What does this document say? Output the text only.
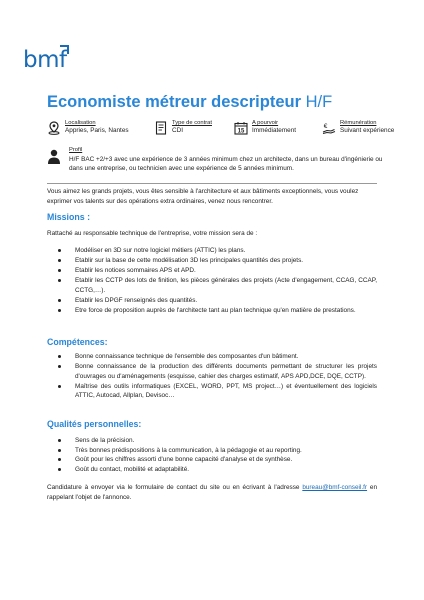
bmf
Economiste métreur descripteur H/F
Localisation
Appries, Paris, Nantes
Type de contrat
CDI	15
A pourvoir
Immédiatement
€ Rémunération
Suivant expérience
Profil
H/F BAC +2/+3 avec une expérience de 3 années minimum chez un architecte, dans un bureau d'ingénierie ou dans une entreprise, ou technicien avec une expérience de 5 années minimum.
Vous aimez les grands projets, vous êtes sensible à l'architecture et aux bâtiments exceptionnels, vous voulez exprimer vos talents sur des opérations extra ordinaires, venez nous rencontrer.
Missions :
Rattaché au responsable technique de l'entreprise, votre mission sera de :
Modéliser en 3D sur notre logiciel métiers (ATTIC) les plans.
Etablir sur la base de cette modélisation 3D les principales quantités des projets.
Etablir les notices sommaires APS et APD.
Etablir les CCTP des lots de finition, les pièces générales des projets (Acte d'engagement, CCAG, CCAP, CCTG,…).
Etablir les DPGF renseignés des quantités.
Etre force de proposition auprès de l'architecte tant au plan technique qu'en matière de prestations.
Compétences:
Bonne connaissance technique de l'ensemble des composantes d'un bâtiment.
Bonne connaissance de la production des différents documents permettant de structurer les projets d'ouvrages ou d'aménagements (esquisse, cahier des charges estimatif, APS APD,DCE, DQE, CCTP).
Maîtrise des outils informatiques (EXCEL, WORD, PPT, MS project…) et éventuellement des logiciels ATTIC, Autocad, Allplan, Devisoc…
Qualités personnelles:
Sens de la précision.
Très bonnes prédispositions à la communication, à la pédagogie et au reporting.
Goût pour les chiffres assorti d'une bonne capacité d'analyse et de synthèse.
Goût du contact, mobilité et adaptabilité.
Candidature à envoyer via le formulaire de contact du site ou en écrivant à l'adresse bureau@bmf-conseil.fr en rappelant l'objet de l'annonce.
